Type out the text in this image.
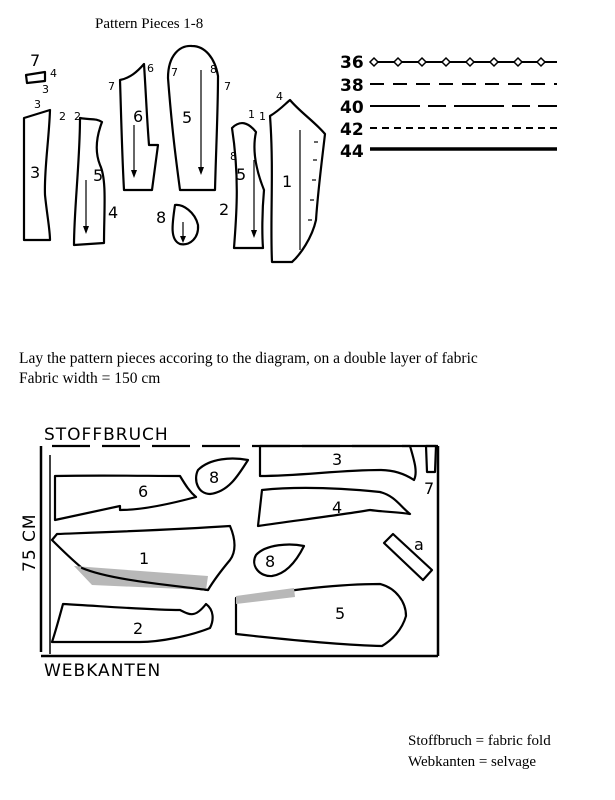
Pattern Pieces 1-8
7
4
3
3
2
3
2
5
4
6
7
6
7	8
5
7
8
8
5
2
1
4
1
1
36
38
40
42
44
STOFFBRUCH
WEBKANTEN
75 CM
8
3
7
6
4
1	8
a
2
5
Lay the pattern pieces accoring to the diagram, on a double layer of fabric
Fabric width = 150 cm
Stoffbruch = fabric fold
Webkanten = selvage
